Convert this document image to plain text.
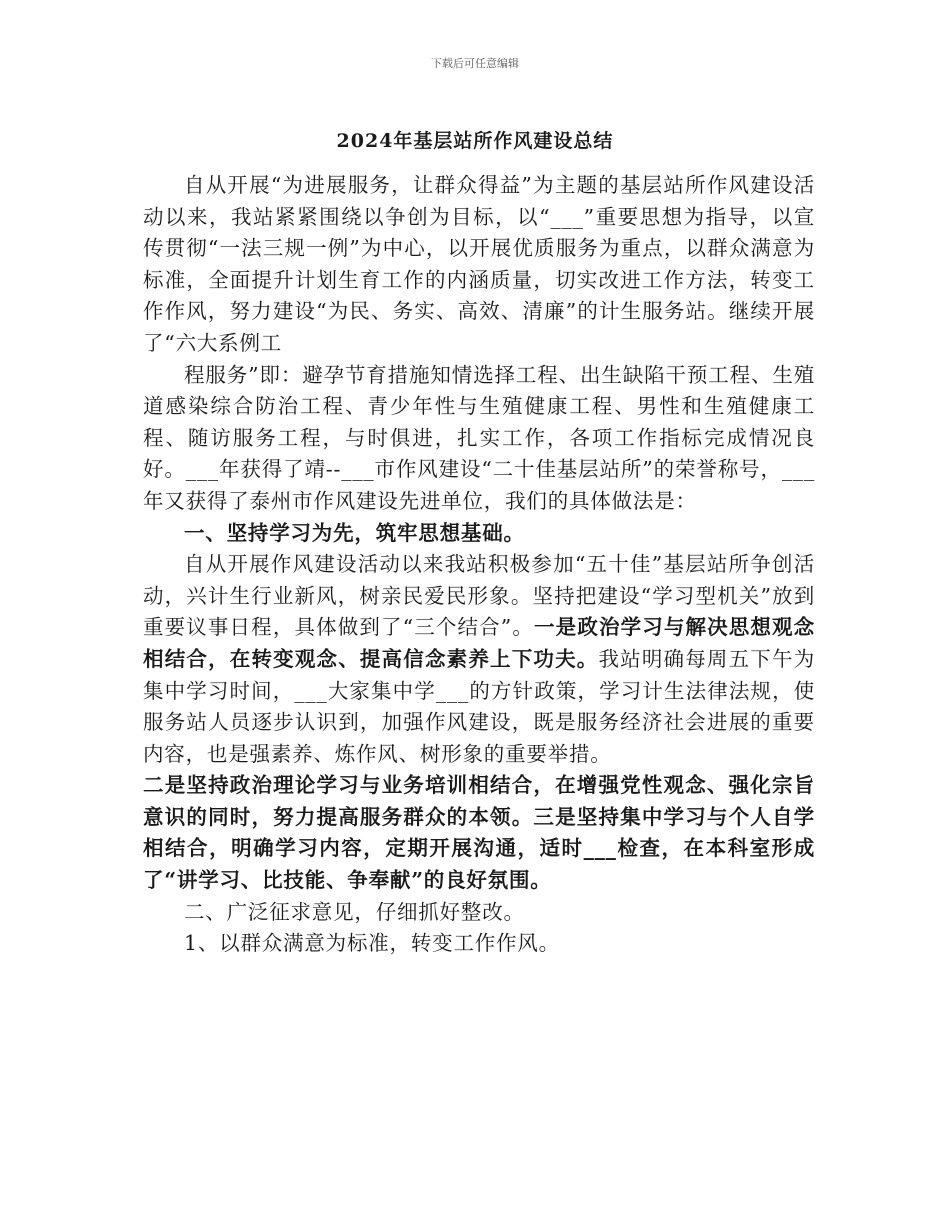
下载后可任意编辑
2024年基层站所作风建设总结

自从开展“为进展服务，让群众得益”为主题的基层站所作风建设活动以来，我站紧紧围绕以争创为目标，以“___”重要思想为指导，以宣传贯彻“一法三规一例”为中心，以开展优质服务为重点，以群众满意为标准，全面提升计划生育工作的内涵质量，切实改进工作方法，转变工作作风，努力建设“为民、务实、高效、清廉”的计生服务站。继续开展了“六大系例工

程服务”即：避孕节育措施知情选择工程、出生缺陷干预工程、生殖道感染综合防治工程、青少年性与生殖健康工程、男性和生殖健康工程、随访服务工程，与时俱进，扎实工作，各项工作指标完成情况良好。___年获得了靖--___市作风建设“二十佳基层站所”的荣誉称号，___年又获得了泰州市作风建设先进单位，我们的具体做法是：

一、坚持学习为先，筑牢思想基础。

自从开展作风建设活动以来我站积极参加“五十佳”基层站所争创活动，兴计生行业新风，树亲民爱民形象。坚持把建设“学习型机关”放到重要议事日程，具体做到了“三个结合”。一是政治学习与解决思想观念相结合，在转变观念、提高信念素养上下功夫。我站明确每周五下午为集中学习时间，___大家集中学___的方针政策，学习计生法律法规，使服务站人员逐步认识到，加强作风建设，既是服务经济社会进展的重要内容，也是强素养、炼作风、树形象的重要举措。

二是坚持政治理论学习与业务培训相结合，在增强党性观念、强化宗旨意识的同时，努力提高服务群众的本领。三是坚持集中学习与个人自学相结合，明确学习内容，定期开展沟通，适时___检查，在本科室形成了“讲学习、比技能、争奉献”的良好氛围。

二、广泛征求意见，仔细抓好整改。

1、以群众满意为标准，转变工作作风。
